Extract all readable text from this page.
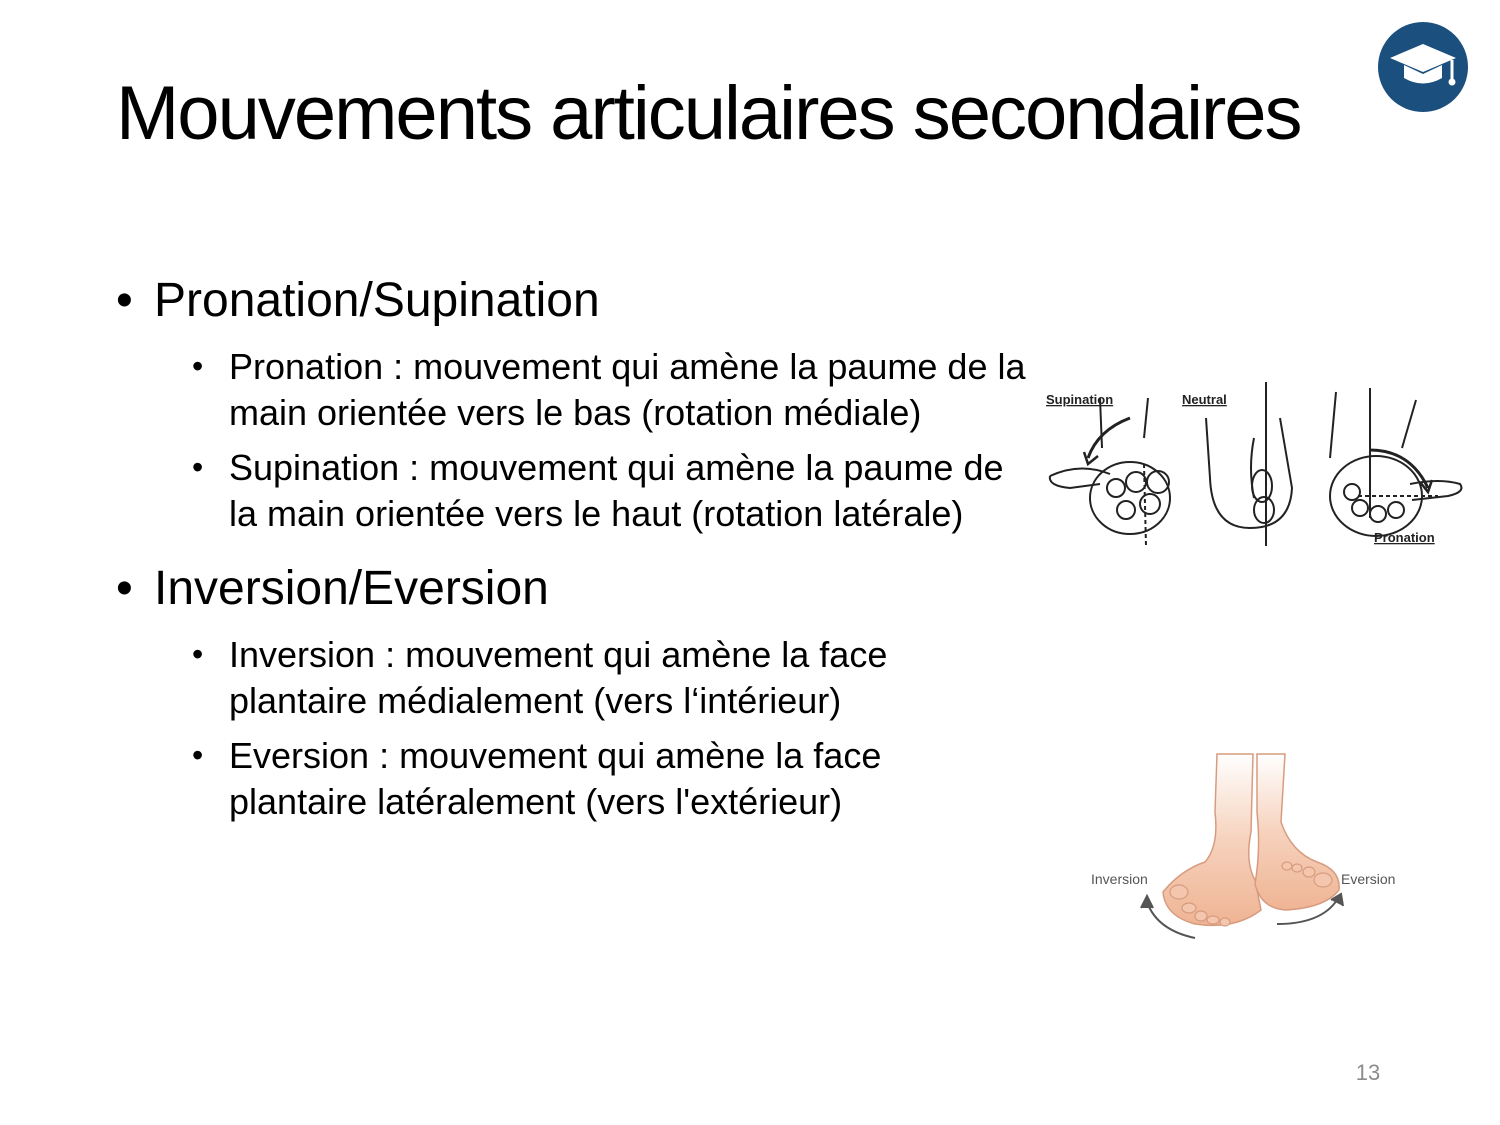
Mouvements articulaires secondaires

• Pronation/Supination

• Pronation : mouvement qui amène la paume de la main orientée vers le bas (rotation médiale)
• Supination : mouvement qui amène la paume de la main orientée vers le haut (rotation latérale)

• Inversion/Eversion

• Inversion : mouvement qui amène la face plantaire médialement (vers l‘intérieur)
• Eversion : mouvement qui amène la face plantaire latéralement (vers l'extérieur)
Supination	Neutral
Pronation
Inversion	Eversion
13
